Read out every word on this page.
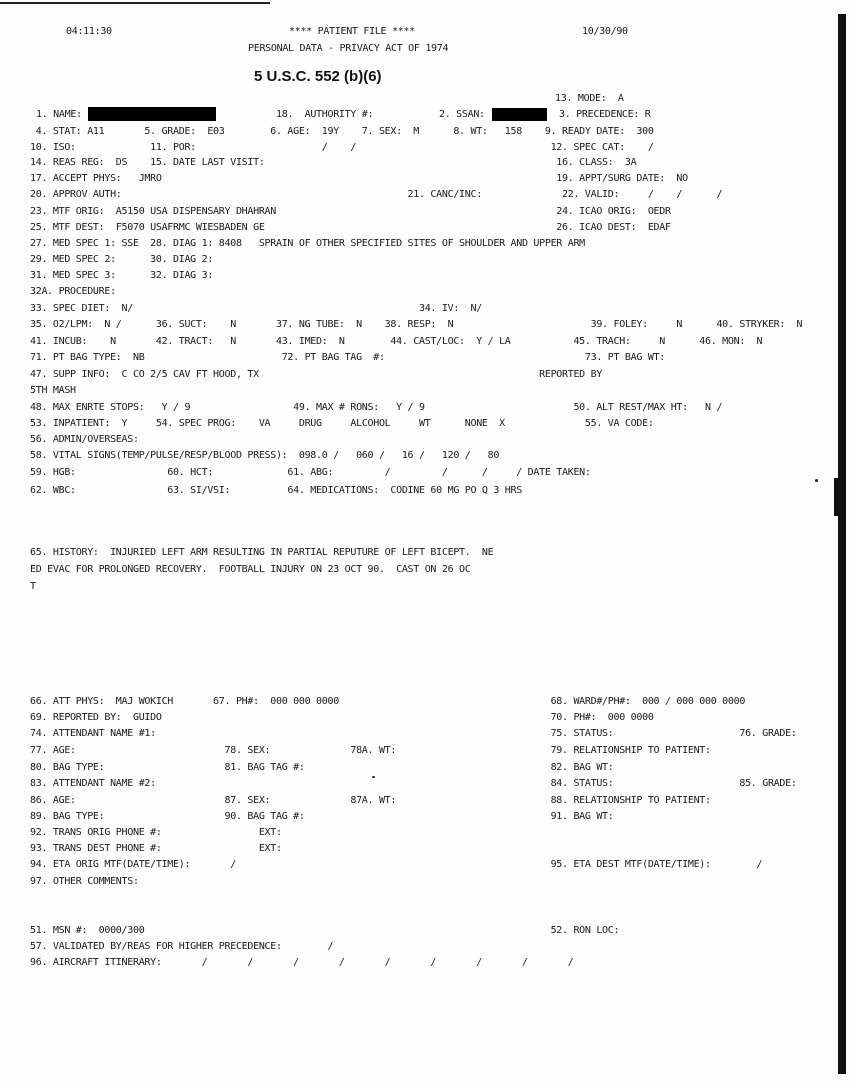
04:11:30	**** PATIENT FILE ****	10/30/90
PERSONAL DATA - PRIVACY ACT OF 1974
5 U.S.C. 552 (b)(6)
13. MODE:  A
1. NAME:	18.  AUTHORITY #:	2. SSAN:	3. PRECEDENCE: R
4. STAT: A11       5. GRADE:  E03        6. AGE:  19Y    7. SEX:  M      8. WT:   158    9. READY DATE:  300
10. ISO:             11. POR:                      /    /                                  12. SPEC CAT:    /
14. REAS REG:  DS    15. DATE LAST VISIT:                                                   16. CLASS:  3A
17. ACCEPT PHYS:   JMRO                                                                     19. APPT/SURG DATE:  NO
20. APPROV AUTH:                                                  21. CANC/INC:              22. VALID:     /    /      /
23. MTF ORIG:  A5150 USA DISPENSARY DHAHRAN                                                 24. ICAO ORIG:  OEDR
25. MTF DEST:  F5070 USAFRMC WIESBADEN GE                                                   26. ICAO DEST:  EDAF
27. MED SPEC 1: SSE  28. DIAG 1: 8408   SPRAIN OF OTHER SPECIFIED SITES OF SHOULDER AND UPPER ARM
29. MED SPEC 2:      30. DIAG 2:
31. MED SPEC 3:      32. DIAG 3:
32A. PROCEDURE:
33. SPEC DIET:  N/                                                  34. IV:  N/
35. O2/LPM:  N /      36. SUCT:    N       37. NG TUBE:  N    38. RESP:  N                        39. FOLEY:     N      40. STRYKER:  N
41. INCUB:    N       42. TRACT:   N       43. IMED:  N        44. CAST/LOC:  Y / LA           45. TRACH:     N      46. MON:  N
71. PT BAG TYPE:  NB                        72. PT BAG TAG  #:                                   73. PT BAG WT:
47. SUPP INFO:  C CO 2/5 CAV FT HOOD, TX                                                 REPORTED BY
5TH MASH
48. MAX ENRTE STOPS:   Y / 9                  49. MAX # RONS:   Y / 9                          50. ALT REST/MAX HT:   N /
53. INPATIENT:  Y     54. SPEC PROG:    VA     DRUG     ALCOHOL     WT      NONE  X              55. VA CODE:
56. ADMIN/OVERSEAS:
58. VITAL SIGNS(TEMP/PULSE/RESP/BLOOD PRESS):  098.0 /   060 /   16 /   120 /   80
59. HGB:                60. HCT:             61. ABG:         /         /      /     / DATE TAKEN:
62. WBC:                63. SI/VSI:          64. MEDICATIONS:  CODINE 60 MG PO Q 3 HRS
65. HISTORY:  INJURIED LEFT ARM RESULTING IN PARTIAL REPUTURE OF LEFT BICEPT.  NE
ED EVAC FOR PROLONGED RECOVERY.  FOOTBALL INJURY ON 23 OCT 90.  CAST ON 26 OC
T
66. ATT PHYS:  MAJ WOKICH       67. PH#:  000 000 0000                                     68. WARD#/PH#:  000 / 000 000 0000
69. REPORTED BY:  GUIDO                                                                    70. PH#:  000 0000
74. ATTENDANT NAME #1:                                                                     75. STATUS:                      76. GRADE:
77. AGE:                          78. SEX:              78A. WT:                           79. RELATIONSHIP TO PATIENT:
80. BAG TYPE:                     81. BAG TAG #:                                           82. BAG WT:
83. ATTENDANT NAME #2:                                                                     84. STATUS:                      85. GRADE:
86. AGE:                          87. SEX:              87A. WT:                           88. RELATIONSHIP TO PATIENT:
89. BAG TYPE:                     90. BAG TAG #:                                           91. BAG WT:
92. TRANS ORIG PHONE #:                 EXT:
93. TRANS DEST PHONE #:                 EXT:
94. ETA ORIG MTF(DATE/TIME):       /                                                       95. ETA DEST MTF(DATE/TIME):        /
97. OTHER COMMENTS:
51. MSN #:  0000/300                                                                       52. RON LOC:
57. VALIDATED BY/REAS FOR HIGHER PRECEDENCE:        /
96. AIRCRAFT ITINERARY:       /       /       /       /       /       /       /       /       /
